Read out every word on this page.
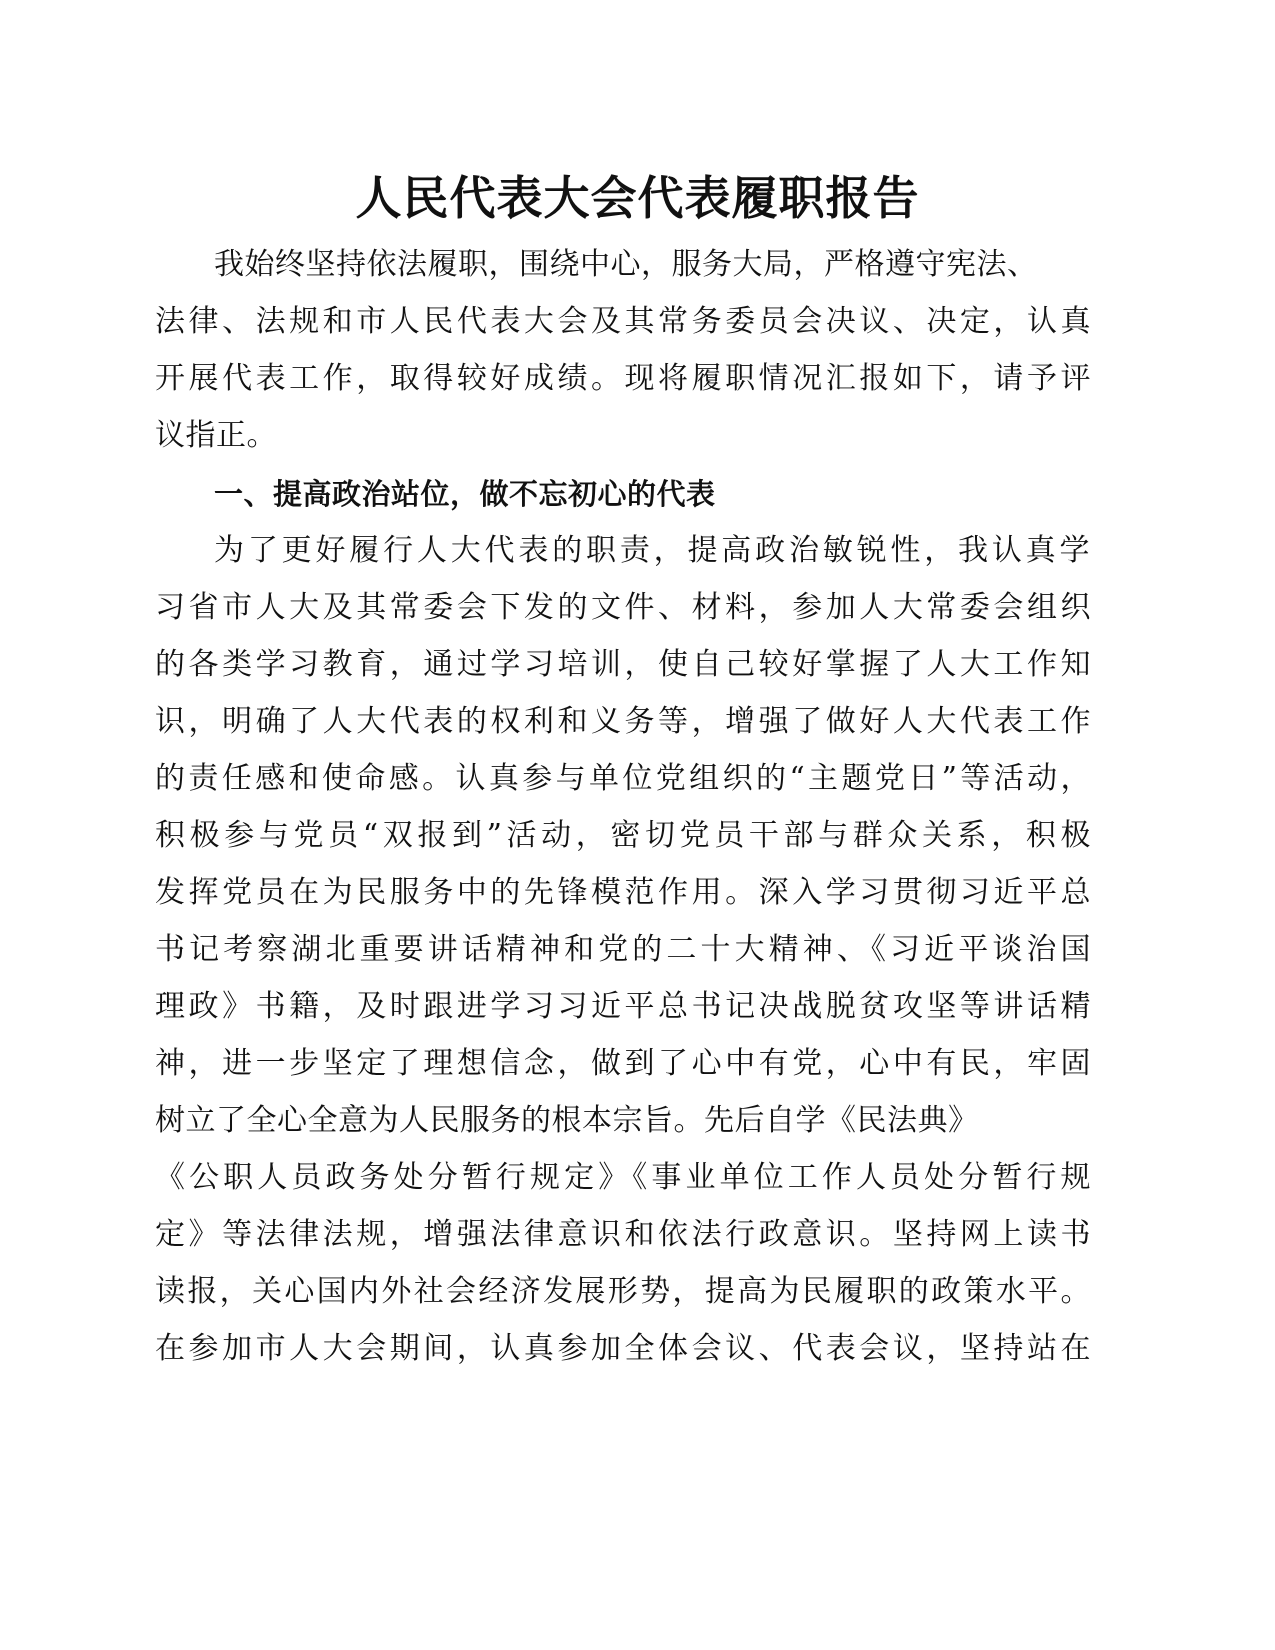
人民代表大会代表履职报告
我始终坚持依法履职，围绕中心，服务大局，严格遵守宪法、
法律、法规和市人民代表大会及其常务委员会决议、决定，认真
开展代表工作，取得较好成绩。现将履职情况汇报如下，请予评
议指正。
一、提高政治站位，做不忘初心的代表
为了更好履行人大代表的职责，提高政治敏锐性，我认真学
习省市人大及其常委会下发的文件、材料，参加人大常委会组织
的各类学习教育，通过学习培训，使自己较好掌握了人大工作知
识，明确了人大代表的权利和义务等，增强了做好人大代表工作
的责任感和使命感。认真参与单位党组织的“主题党日”等活动，
积极参与党员“双报到”活动，密切党员干部与群众关系，积极
发挥党员在为民服务中的先锋模范作用。深入学习贯彻习近平总
书记考察湖北重要讲话精神和党的二十大精神、《习近平谈治国
理政》书籍，及时跟进学习习近平总书记决战脱贫攻坚等讲话精
神，进一步坚定了理想信念，做到了心中有党，心中有民，牢固
树立了全心全意为人民服务的根本宗旨。先后自学《民法典》
《公职人员政务处分暂行规定》《事业单位工作人员处分暂行规
定》等法律法规，增强法律意识和依法行政意识。坚持网上读书
读报，关心国内外社会经济发展形势，提高为民履职的政策水平。
在参加市人大会期间，认真参加全体会议、代表会议，坚持站在
